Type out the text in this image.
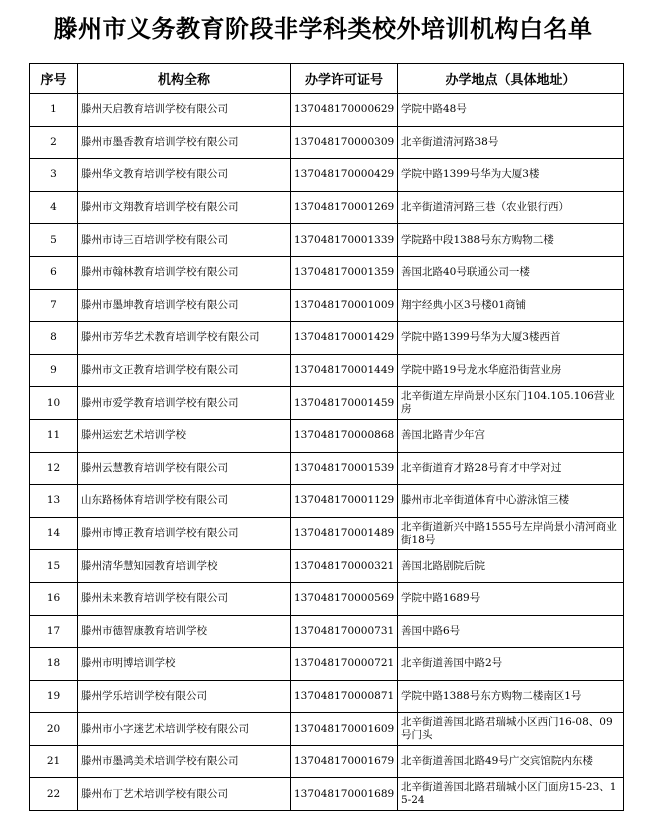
滕州市义务教育阶段非学科类校外培训机构白名单
序号	机构全称	办学许可证号	办学地点（具体地址）
1	滕州天启教育培训学校有限公司	137048170000629	学院中路48号
2	滕州市墨香教育培训学校有限公司	137048170000309	北辛街道清河路38号
3	滕州华文教育培训学校有限公司	137048170000429	学院中路1399号华为大厦3楼
4	滕州市文翔教育培训学校有限公司	137048170001269	北辛街道清河路三巷（农业银行西）
5	滕州市诗三百培训学校有限公司	137048170001339	学院路中段1388号东方购物二楼
6	滕州市翰林教育培训学校有限公司	137048170001359	善国北路40号联通公司一楼
7	滕州市墨坤教育培训学校有限公司	137048170001009	翔宇经典小区3号楼01商铺
8	滕州市芳华艺术教育培训学校有限公司	137048170001429	学院中路1399号华为大厦3楼西首
9	滕州市文正教育培训学校有限公司	137048170001449	学院中路19号龙水华庭沿街营业房
10	滕州市爱学教育培训学校有限公司	137048170001459	北辛街道左岸尚景小区东门104.105.106营业房
11	滕州运宏艺术培训学校	137048170000868	善国北路青少年宫
12	滕州云慧教育培训学校有限公司	137048170001539	北辛街道育才路28号育才中学对过
13	山东路杨体育培训学校有限公司	137048170001129	滕州市北辛街道体育中心游泳馆三楼
14	滕州市博正教育培训学校有限公司	137048170001489	北辛街道新兴中路1555号左岸尚景小清河商业街18号
15	滕州清华慧知园教育培训学校	137048170000321	善国北路剧院后院
16	滕州未来教育培训学校有限公司	137048170000569	学院中路1689号
17	滕州市德智康教育培训学校	137048170000731	善国中路6号
18	滕州市明博培训学校	137048170000721	北辛街道善国中路2号
19	滕州学乐培训学校有限公司	137048170000871	学院中路1388号东方购物二楼南区1号
20	滕州市小字迷艺术培训学校有限公司	137048170001609	北辛街道善国北路君瑞城小区西门16-08、09号门头
21	滕州市墨鸿美术培训学校有限公司	137048170001679	北辛街道善国北路49号广交宾馆院内东楼
22	滕州布丁艺术培训学校有限公司	137048170001689	北辛街道善国北路君瑞城小区门面房15-23、15-24
